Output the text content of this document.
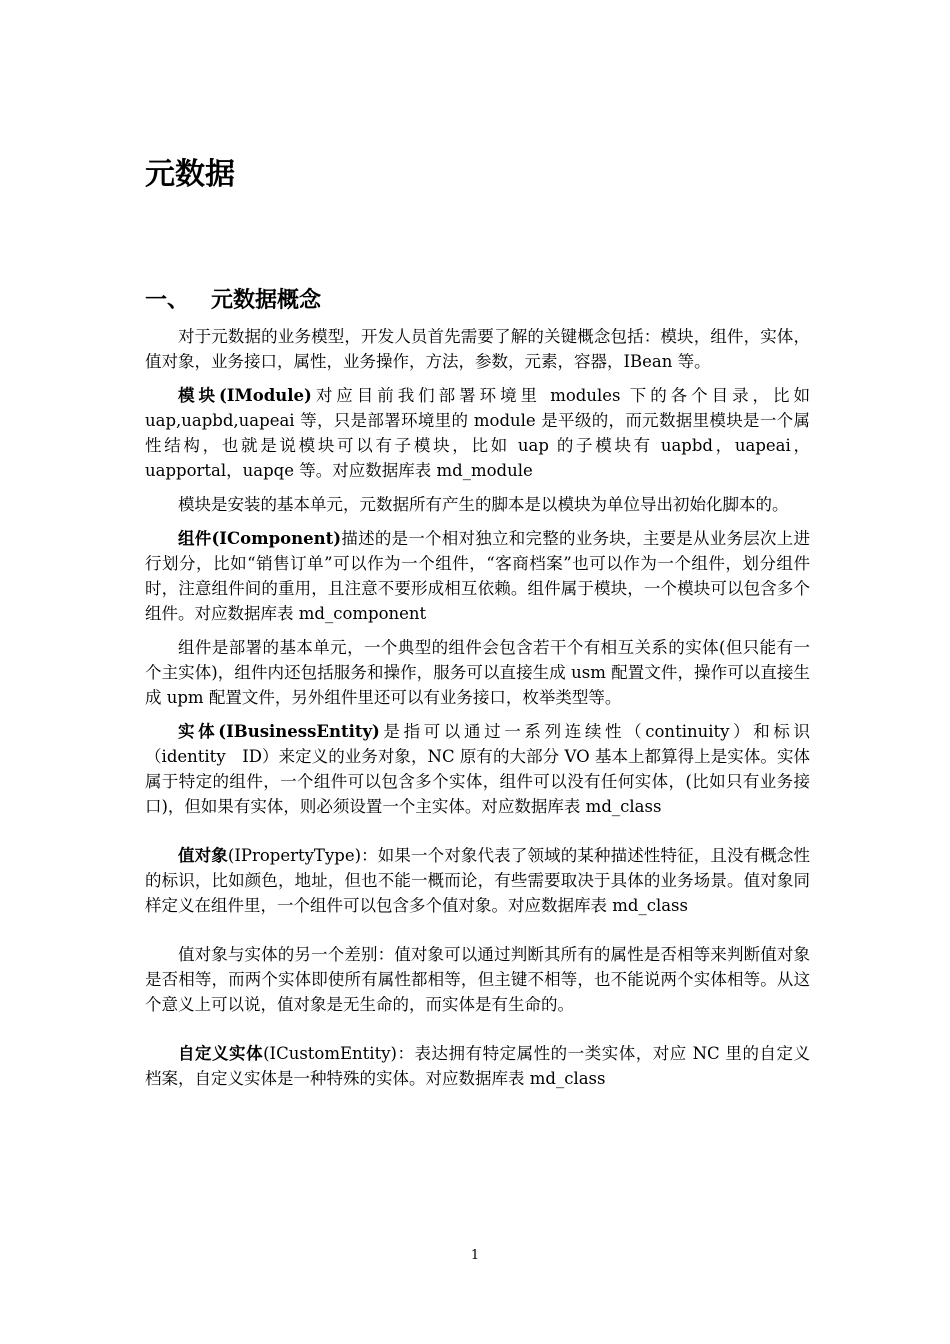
元数据
一、 元数据概念

对于元数据的业务模型，开发人员首先需要了解的关键概念包括：模块，组件，实体，值对象，业务接口，属性，业务操作，方法，参数，元素，容器，IBean 等。

模块(IModule)对应目前我们部署环境里 modules 下的各个目录，比如 uap,uapbd,uapeai 等，只是部署环境里的 module 是平级的，而元数据里模块是一个属性结构，也就是说模块可以有子模块，比如 uap 的子模块有 uapbd，uapeai，uapportal，uapqe 等。对应数据库表 md_module

模块是安装的基本单元，元数据所有产生的脚本是以模块为单位导出初始化脚本的。

组件(IComponent)描述的是一个相对独立和完整的业务块，主要是从业务层次上进行划分，比如“销售订单”可以作为一个组件，“客商档案”也可以作为一个组件，划分组件时，注意组件间的重用，且注意不要形成相互依赖。组件属于模块，一个模块可以包含多个组件。对应数据库表 md_component

组件是部署的基本单元，一个典型的组件会包含若干个有相互关系的实体(但只能有一个主实体)，组件内还包括服务和操作，服务可以直接生成 usm 配置文件，操作可以直接生成 upm 配置文件，另外组件里还可以有业务接口，枚举类型等。

实体(IBusinessEntity)是指可以通过一系列连续性（continuity）和标识（identity　ID）来定义的业务对象，NC 原有的大部分 VO 基本上都算得上是实体。实体属于特定的组件，一个组件可以包含多个实体，组件可以没有任何实体，(比如只有业务接口)，但如果有实体，则必须设置一个主实体。对应数据库表 md_class

值对象(IPropertyType)：如果一个对象代表了领域的某种描述性特征，且没有概念性的标识，比如颜色，地址，但也不能一概而论，有些需要取决于具体的业务场景。值对象同样定义在组件里，一个组件可以包含多个值对象。对应数据库表 md_class

值对象与实体的另一个差别：值对象可以通过判断其所有的属性是否相等来判断值对象是否相等，而两个实体即使所有属性都相等，但主键不相等，也不能说两个实体相等。从这个意义上可以说，值对象是无生命的，而实体是有生命的。

自定义实体(ICustomEntity)：表达拥有特定属性的一类实体，对应 NC 里的自定义档案，自定义实体是一种特殊的实体。对应数据库表 md_class

1
